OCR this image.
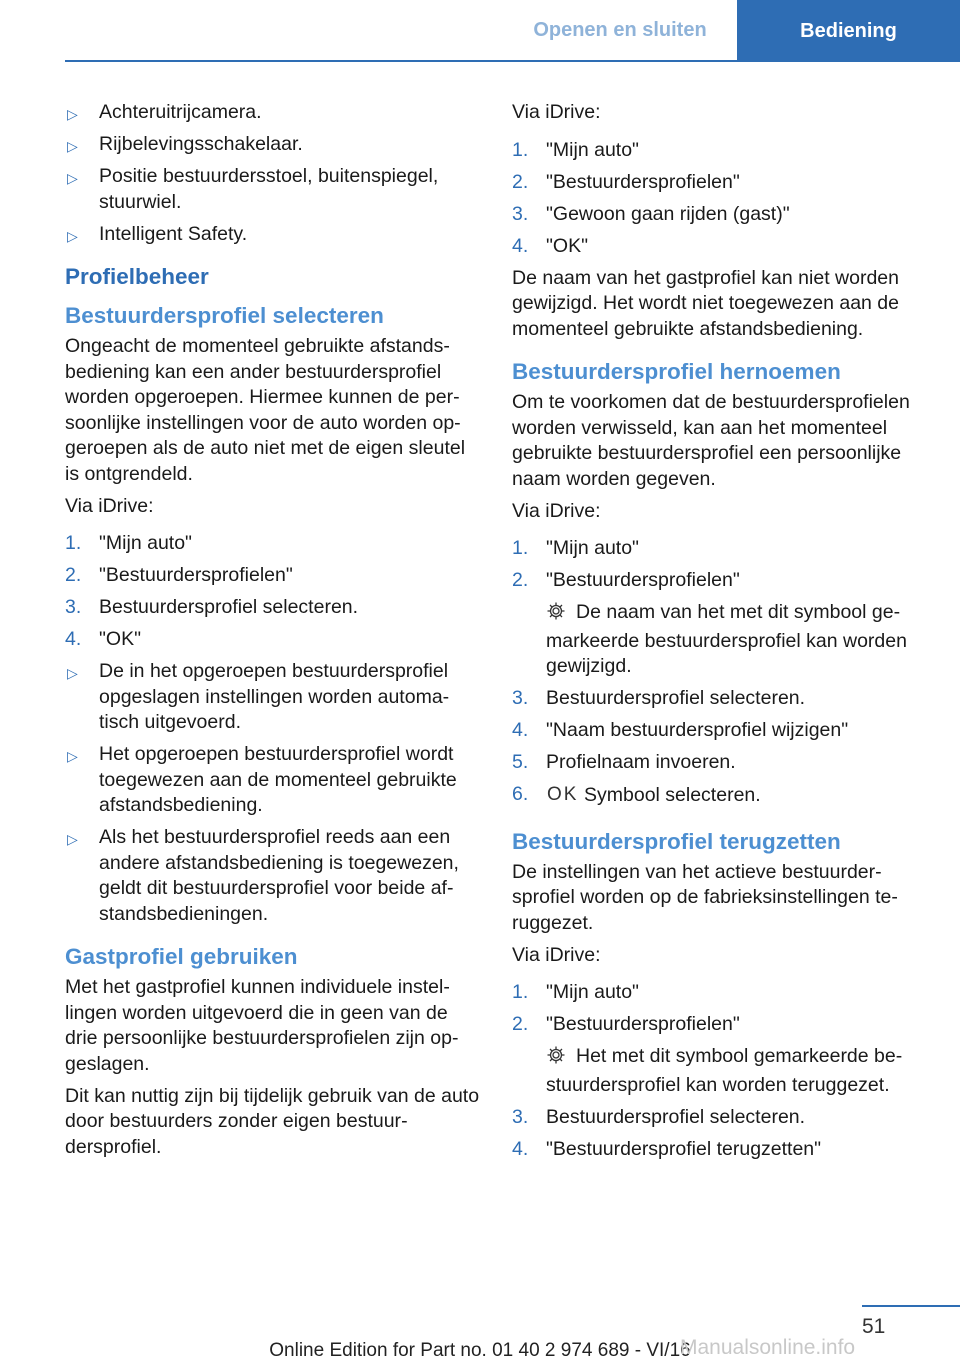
Openen en sluiten	Bediening
▷ Achteruitrijcamera.
▷ Rijbelevingsschakelaar.
▷ Positie bestuurdersstoel, buitenspiegel, stuurwiel.
▷ Intelligent Safety.
Profielbeheer
Bestuurdersprofiel selecteren

Ongeacht de momenteel gebruikte afstandsbediening kan een ander bestuurdersprofiel worden opgeroepen. Hiermee kunnen de persoonlijke instellingen voor de auto worden opgeroepen als de auto niet met de eigen sleutel is ontgrendeld.

Via iDrive:

1. "Mijn auto"
2. "Bestuurdersprofielen"
3. Bestuurdersprofiel selecteren.
4. "OK"
▷ De in het opgeroepen bestuurdersprofiel opgeslagen instellingen worden automatisch uitgevoerd.
▷ Het opgeroepen bestuurdersprofiel wordt toegewezen aan de momenteel gebruikte afstandsbediening.
▷ Als het bestuurdersprofiel reeds aan een andere afstandsbediening is toegewezen, geldt dit bestuurdersprofiel voor beide afstandsbedieningen.
Gastprofiel gebruiken

Met het gastprofiel kunnen individuele instellingen worden uitgevoerd die in geen van de drie persoonlijke bestuurdersprofielen zijn opgeslagen.

Dit kan nuttig zijn bij tijdelijk gebruik van de auto door bestuurders zonder eigen bestuurdersprofiel.

Via iDrive:

1. "Mijn auto"
2. "Bestuurdersprofielen"
3. "Gewoon gaan rijden (gast)"
4. "OK"

De naam van het gastprofiel kan niet worden gewijzigd. Het wordt niet toegewezen aan de momenteel gebruikte afstandsbediening.

Bestuurdersprofiel hernoemen

Om te voorkomen dat de bestuurdersprofielen worden verwisseld, kan aan het momenteel gebruikte bestuurdersprofiel een persoonlijke naam worden gegeven.

Via iDrive:

1. "Mijn auto"
2. "Bestuurdersprofielen"
De naam van het met dit symbool gemarkeerde bestuurdersprofiel kan worden gewijzigd.
3. Bestuurdersprofiel selecteren.
4. "Naam bestuurdersprofiel wijzigen"
5. Profielnaam invoeren.
6. OK Symbool selecteren.
Bestuurdersprofiel terugzetten

De instellingen van het actieve bestuurdersprofiel worden op de fabrieksinstellingen teruggezet.

Via iDrive:

1. "Mijn auto"
2. "Bestuurdersprofielen"
Het met dit symbool gemarkeerde bestuurdersprofiel kan worden teruggezet.
3. Bestuurdersprofiel selecteren.
4. "Bestuurdersprofiel terugzetten"
51
Online Edition for Part no. 01 40 2 974 689 - VI/16
Manualsonline.info
